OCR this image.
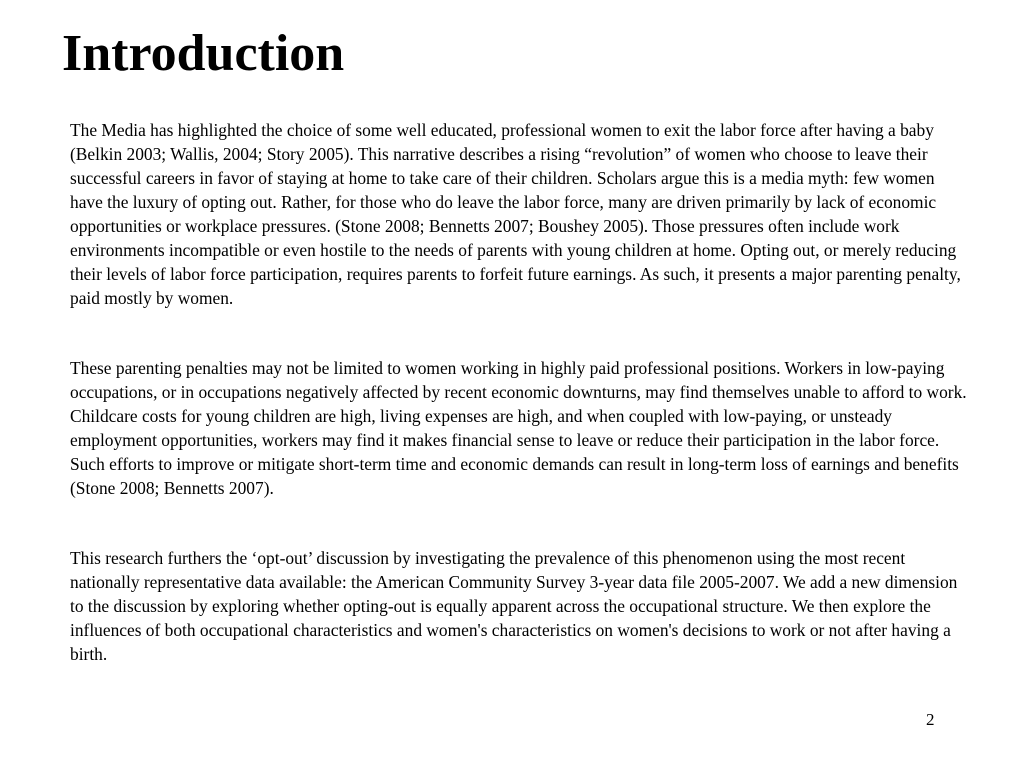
Introduction

The Media has highlighted the choice of some well educated, professional women to exit the labor force after having a baby (Belkin 2003; Wallis, 2004; Story 2005). This narrative describes a rising “revolution” of women who choose to leave their successful careers in favor of staying at home to take care of their children. Scholars argue this is a media myth: few women have the luxury of opting out. Rather, for those who do leave the labor force, many are driven primarily by lack of economic opportunities or workplace pressures. (Stone 2008; Bennetts 2007; Boushey 2005). Those pressures often include work environments incompatible or even hostile to the needs of parents with young children at home. Opting out, or merely reducing their levels of labor force participation, requires parents to forfeit future earnings. As such, it presents a major parenting penalty, paid mostly by women.

These parenting penalties may not be limited to women working in highly paid professional positions. Workers in low-paying occupations, or in occupations negatively affected by recent economic downturns, may find themselves unable to afford to work. Childcare costs for young children are high, living expenses are high, and when coupled with low-paying, or unsteady employment opportunities, workers may find it makes financial sense to leave or reduce their participation in the labor force. Such efforts to improve or mitigate short-term time and economic demands can result in long-term loss of earnings and benefits (Stone 2008; Bennetts 2007).

This research furthers the ‘opt-out’ discussion by investigating the prevalence of this phenomenon using the most recent nationally representative data available: the American Community Survey 3-year data file 2005-2007. We add a new dimension to the discussion by exploring whether opting-out is equally apparent across the occupational structure. We then explore the influences of both occupational characteristics and women's characteristics on women's decisions to work or not after having a birth.

2
